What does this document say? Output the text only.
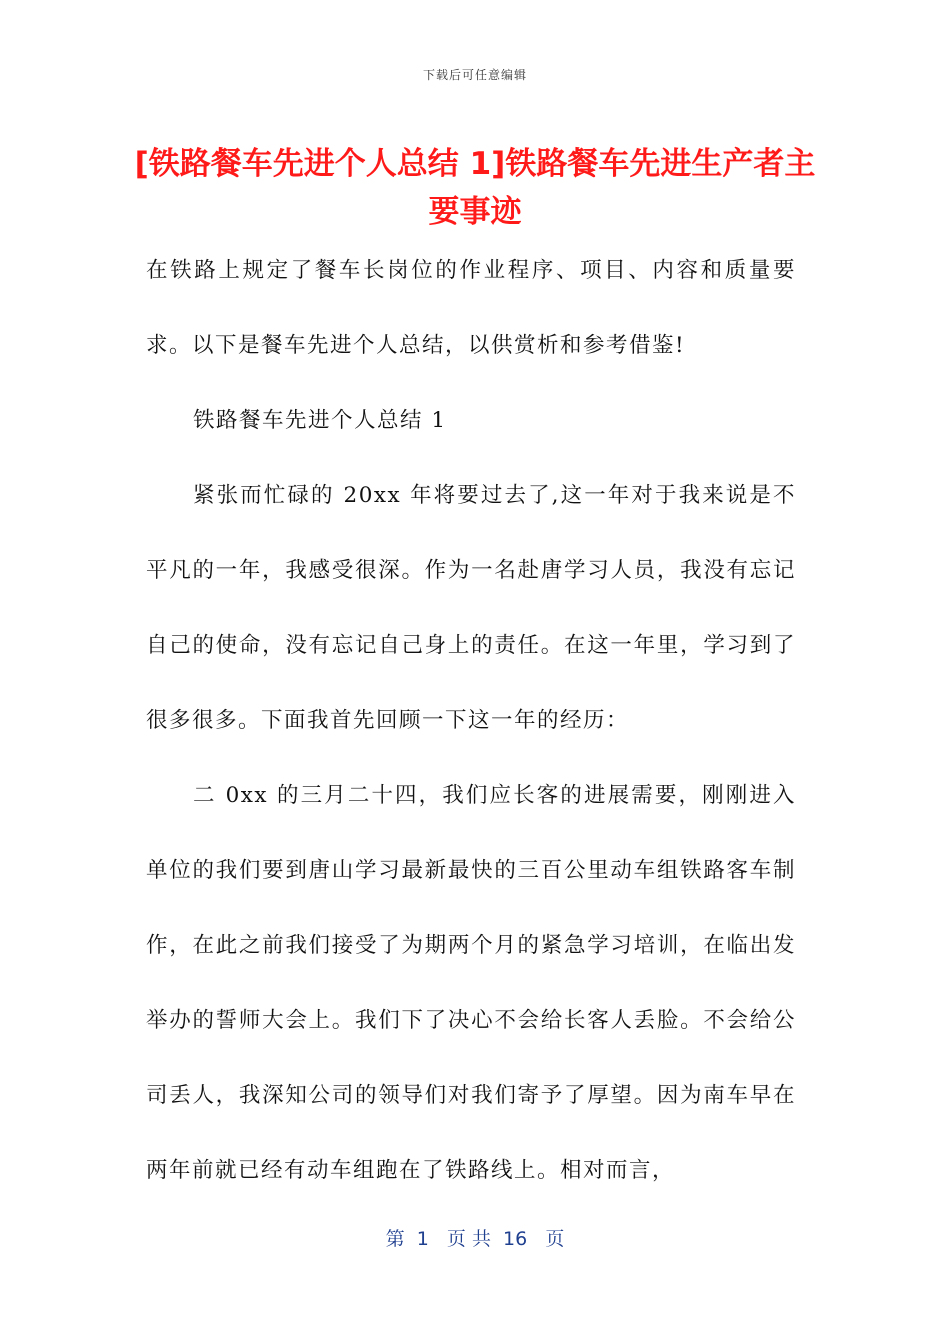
下载后可任意编辑
[铁路餐车先进个人总结 1]铁路餐车先进生产者主要事迹

在铁路上规定了餐车长岗位的作业程序、项目、内容和质量要求。以下是餐车先进个人总结，以供赏析和参考借鉴!

铁路餐车先进个人总结 1

紧张而忙碌的 20xx 年将要过去了,这一年对于我来说是不平凡的一年，我感受很深。作为一名赴唐学习人员，我没有忘记自己的使命，没有忘记自己身上的责任。在这一年里，学习到了很多很多。下面我首先回顾一下这一年的经历：

二 0xx 的三月二十四，我们应长客的进展需要，刚刚进入单位的我们要到唐山学习最新最快的三百公里动车组铁路客车制作，在此之前我们接受了为期两个月的紧急学习培训，在临出发举办的誓师大会上。我们下了决心不会给长客人丢脸。不会给公司丢人，我深知公司的领导们对我们寄予了厚望。因为南车早在两年前就已经有动车组跑在了铁路线上。相对而言，

第  1   页 共  16   页
